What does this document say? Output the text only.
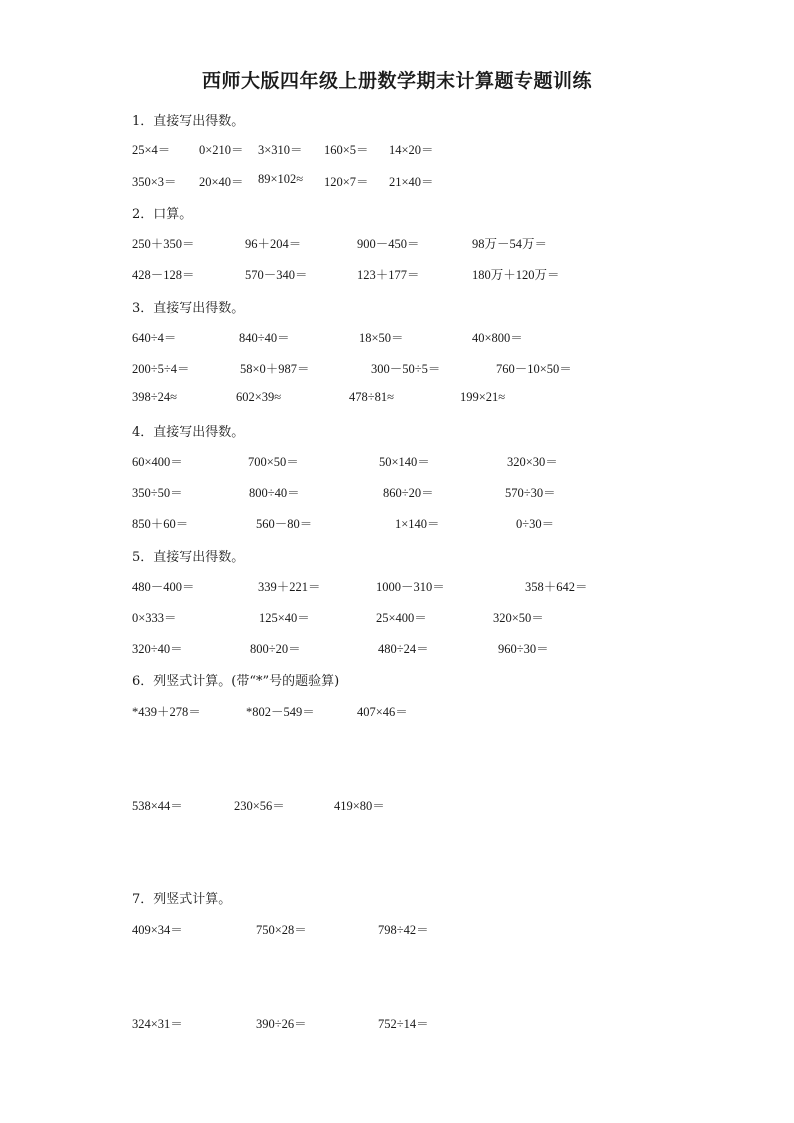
西师大版四年级上册数学期末计算题专题训练
1．直接写出得数。
25×4＝ 0×210＝ 3×310＝ 160×5＝ 14×20＝
350×3＝ 20×40＝ 89×102≈ 120×7＝ 21×40＝
2．口算。
250＋350＝	96＋204＝	900－450＝	98万－54万＝
428－128＝	570－340＝	123＋177＝	180万＋120万＝
3．直接写出得数。
640÷4＝	840÷40＝	18×50＝	40×800＝
200÷5÷4＝	58×0＋987＝	300－50÷5＝	760－10×50＝
398÷24≈	602×39≈	478÷81≈	199×21≈
4．直接写出得数。
60×400＝	700×50＝	50×140＝	320×30＝
350÷50＝	800÷40＝	860÷20＝	570÷30＝
850＋60＝	560－80＝	1×140＝	0÷30＝
5．直接写出得数。
480－400＝	339＋221＝	1000－310＝	358＋642＝
0×333＝	125×40＝	25×400＝	320×50＝
320÷40＝	800÷20＝	480÷24＝	960÷30＝
6．列竖式计算。(带“*”号的题验算)
*439＋278＝	*802－549＝	407×46＝
538×44＝	230×56＝	419×80＝
7．列竖式计算。
409×34＝	750×28＝	798÷42＝
324×31＝	390÷26＝	752÷14＝
